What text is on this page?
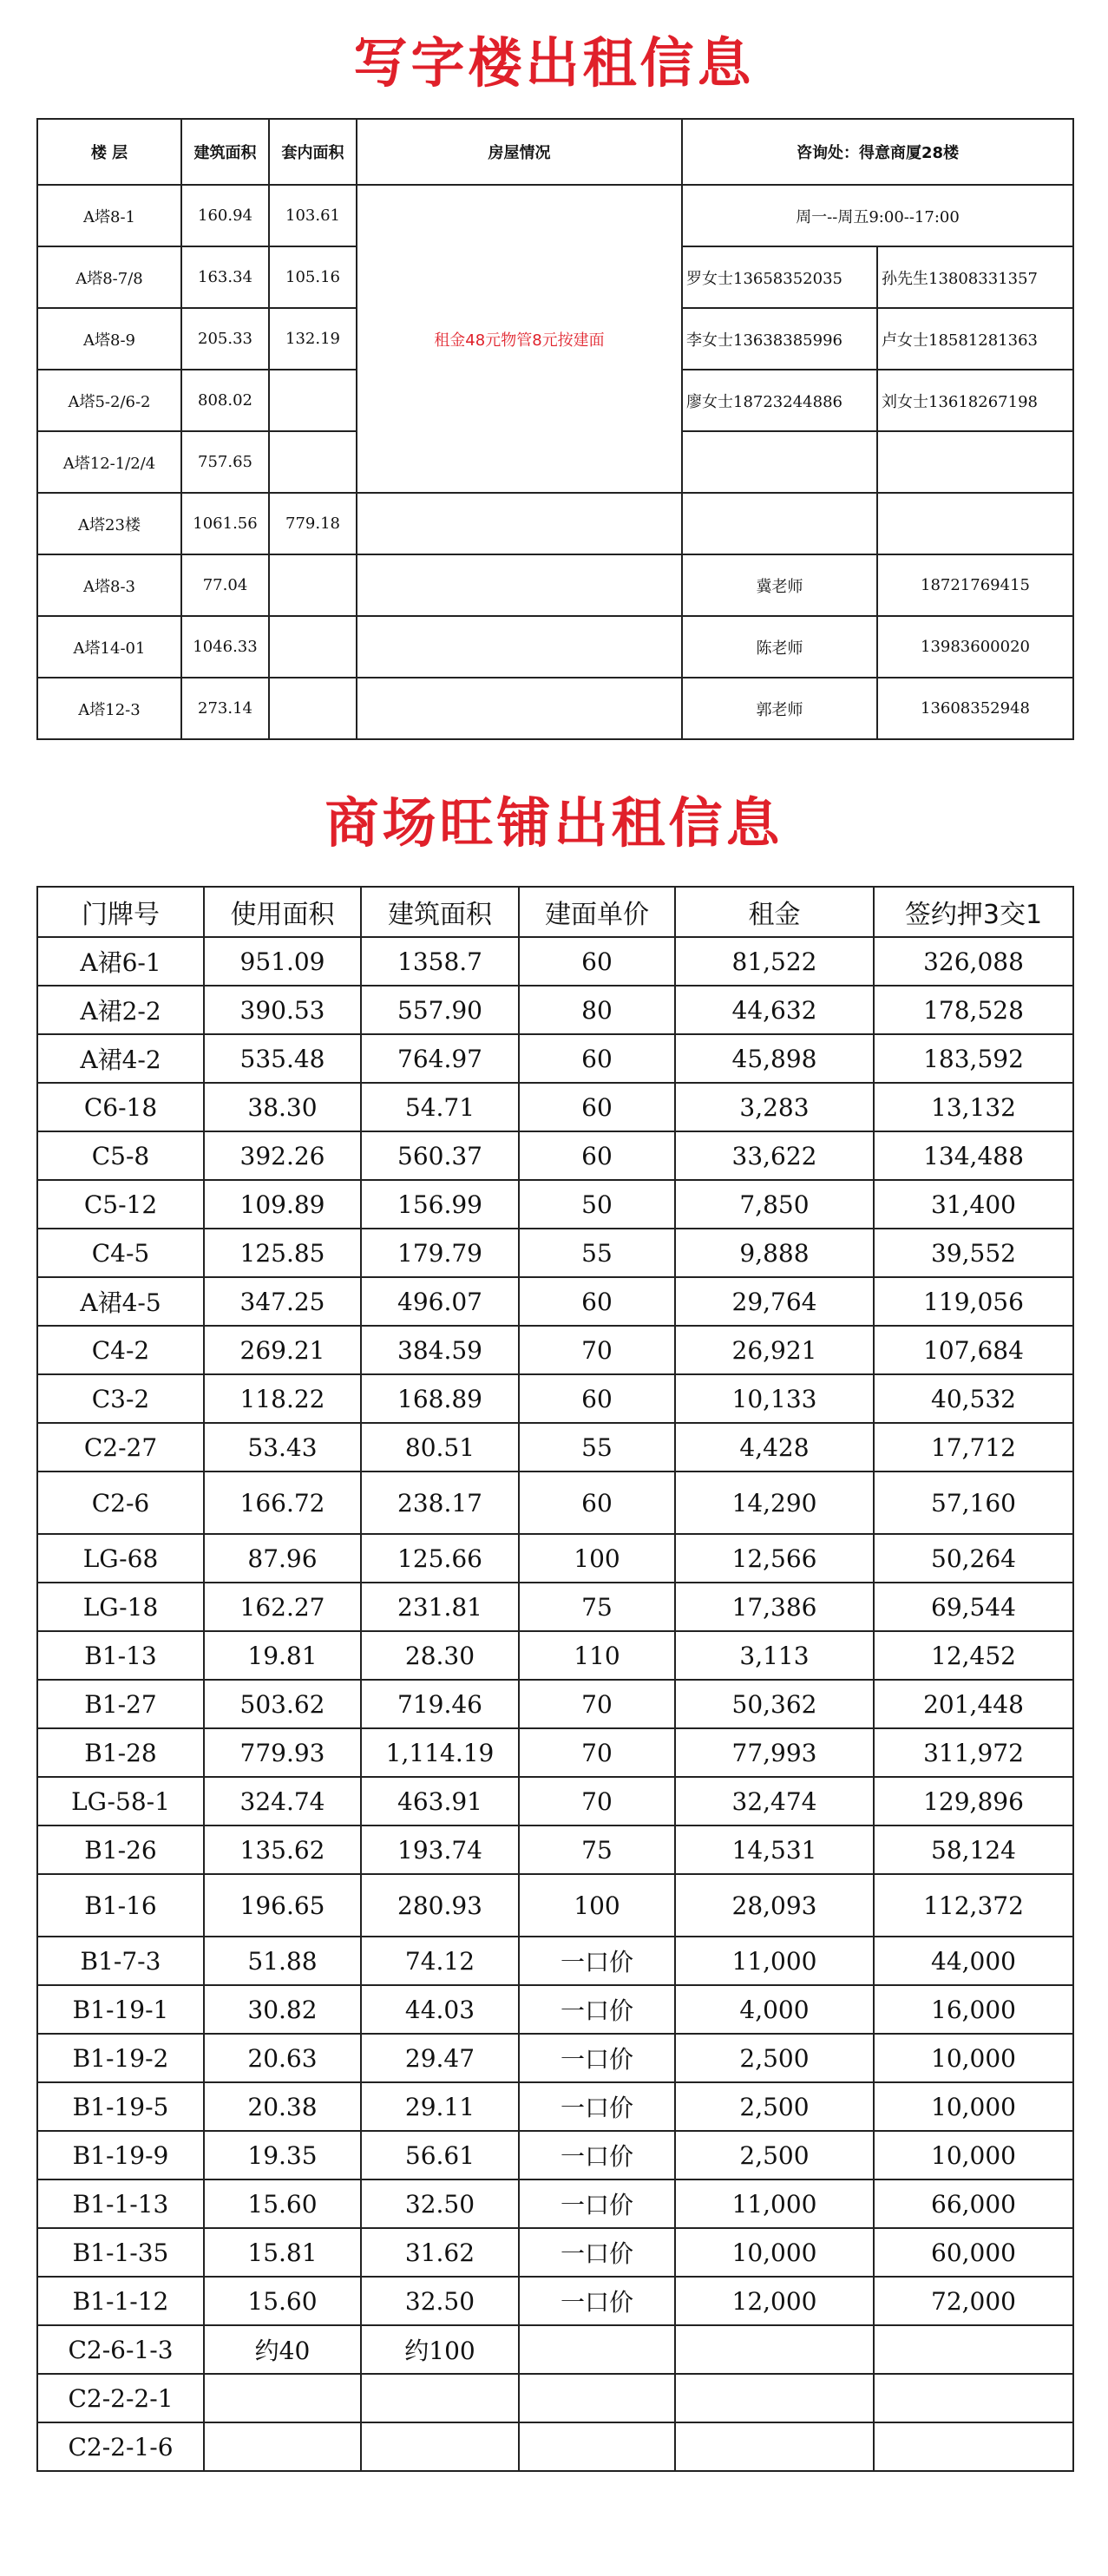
写字楼出租信息
楼 层	建筑面积	套内面积	房屋情况	咨询处：得意商厦28楼	
A塔8-1	160.94	103.61	租金48元物管8元按建面	周一--周五9:00--17:00	
A塔8-7/8	163.34	105.16		罗女士13658352035	孙先生13808331357
A塔8-9	205.33	132.19		李女士13638385996	卢女士18581281363
A塔5-2/6-2	808.02			廖女士18723244886	刘女士13618267198
A塔12-1/2/4	757.65				
A塔23楼	1061.56	779.18			
A塔8-3	77.04			冀老师	18721769415
A塔14-01	1046.33			陈老师	13983600020
A塔12-3	273.14			郭老师	13608352948
商场旺铺出租信息
门牌号	使用面积	建筑面积	建面单价	租金	签约押3交1
A裙6-1	951.09	1358.7	60	81,522	326,088
A裙2-2	390.53	557.90	80	44,632	178,528
A裙4-2	535.48	764.97	60	45,898	183,592
C6-18	38.30	54.71	60	3,283	13,132
C5-8	392.26	560.37	60	33,622	134,488
C5-12	109.89	156.99	50	7,850	31,400
C4-5	125.85	179.79	55	9,888	39,552
A裙4-5	347.25	496.07	60	29,764	119,056
C4-2	269.21	384.59	70	26,921	107,684
C3-2	118.22	168.89	60	10,133	40,532
C2-27	53.43	80.51	55	4,428	17,712
C2-6	166.72	238.17	60	14,290	57,160
LG-68	87.96	125.66	100	12,566	50,264
LG-18	162.27	231.81	75	17,386	69,544
B1-13	19.81	28.30	110	3,113	12,452
B1-27	503.62	719.46	70	50,362	201,448
B1-28	779.93	1,114.19	70	77,993	311,972
LG-58-1	324.74	463.91	70	32,474	129,896
B1-26	135.62	193.74	75	14,531	58,124
B1-16	196.65	280.93	100	28,093	112,372
B1-7-3	51.88	74.12	一口价	11,000	44,000
B1-19-1	30.82	44.03	一口价	4,000	16,000
B1-19-2	20.63	29.47	一口价	2,500	10,000
B1-19-5	20.38	29.11	一口价	2,500	10,000
B1-19-9	19.35	56.61	一口价	2,500	10,000
B1-1-13	15.60	32.50	一口价	11,000	66,000
B1-1-35	15.81	31.62	一口价	10,000	60,000
B1-1-12	15.60	32.50	一口价	12,000	72,000
C2-6-1-3	约40	约100			
C2-2-2-1					
C2-2-1-6					
